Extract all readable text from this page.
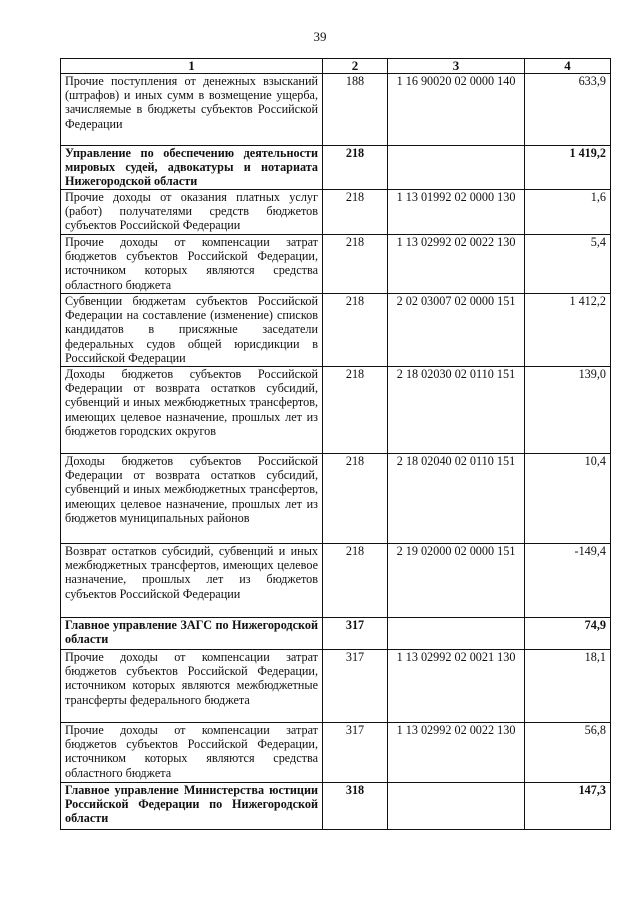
39
1	2	3	4

Прочие поступления от денежных взысканий (штрафов) и иных сумм в возмещение ущерба, зачисляемые в бюджеты субъектов Российской Федерации	188	1 16 90020 02 0000 140	633,9

Управление по обеспечению деятельности мировых судей, адвокатуры и нотариата Нижегородской области	218		1 419,2

Прочие доходы от оказания платных услуг (работ) получателями средств бюджетов субъектов Российской Федерации	218	1 13 01992 02 0000 130	1,6

Прочие доходы от компенсации затрат бюджетов субъектов Российской Федерации, источником которых являются средства областного бюджета	218	1 13 02992 02 0022 130	5,4

Субвенции бюджетам субъектов Российской Федерации на составление (изменение) списков кандидатов в присяжные заседатели федеральных судов общей юрисдикции в Российской Федерации	218	2 02 03007 02 0000 151	1 412,2

Доходы бюджетов субъектов Российской Федерации от возврата остатков субсидий, субвенций и иных межбюджетных трансфертов, имеющих целевое назначение, прошлых лет из бюджетов городских округов	218	2 18 02030 02 0110 151	139,0

Доходы бюджетов субъектов Российской Федерации от возврата остатков субсидий, субвенций и иных межбюджетных трансфертов, имеющих целевое назначение, прошлых лет из бюджетов муниципальных районов	218	2 18 02040 02 0110 151	10,4

Возврат остатков субсидий, субвенций и иных межбюджетных трансфертов, имеющих целевое назначение, прошлых лет из бюджетов субъектов Российской Федерации	218	2 19 02000 02 0000 151	-149,4

Главное управление ЗАГС по Нижегородской области	317		74,9

Прочие доходы от компенсации затрат бюджетов субъектов Российской Федерации, источником которых являются межбюджетные трансферты федерального бюджета	317	1 13 02992 02 0021 130	18,1

Прочие доходы от компенсации затрат бюджетов субъектов Российской Федерации, источником которых являются средства областного бюджета	317	1 13 02992 02 0022 130	56,8

Главное управление Министерства юстиции Российской Федерации по Нижегородской области	318		147,3
